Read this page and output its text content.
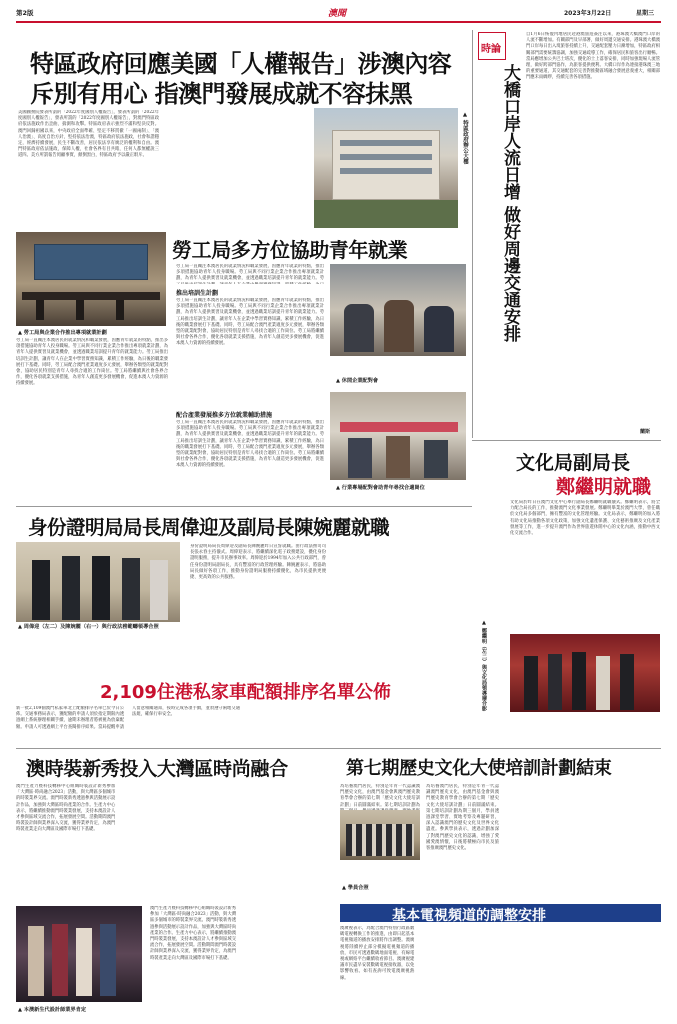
第2版	澳聞	2023年3月22日	星期三
特區政府回應美國「人權報告」涉澳內容
斥別有用心 指澳門發展成就不容抹黑
美國國務院發表所謂的「2022年度國別人權報告」，發表所謂的「2022年度國別人權報告」，發表所謂的「2022年度國別人權報告」，對澳門特區政府依法施政作出歪曲、揣測和攻擊。特區政府表示強烈不滿和堅決反對。澳門回歸祖國以來，中央政府全面準確、堅定不移貫徹「一國兩制」、「澳人治澳」、高度自治方針，堅持依法治澳，特區政府依法施政，社會和諧穩定，經濟持續發展，民生不斷改善，居民依法享有廣泛的權利和自由。澳門特區政府依法施政，保障人權，社會各界有目共睹，任何人都無權說三道四。美方所謂報告罔顧事實，顛倒黑白，特區政府予以嚴正駁斥。	▲ 特區政府辦公大樓
時論
大橋口岸人流日增 做好周邊交通安排
自1月6日恢復內地居民赴港澳旅遊簽注以來，港珠澳大橋澳門口岸的人流不斷增加。有關部門及早部署，做好周邊交通安排。港珠澳大橋澳門口岸每日出入境旅客持續上升，交通配套壓力日漸增加，特區政府相關部門需要統籌協調，加強交通疏導工作，確保居民和旅客出行順暢。當局應增加公共巴士班次，優化的士上落客安排，同時加強現場人流管理，做好跨部門協作，為旅客提供便利。大橋口岸作為連接港珠澳三地的重要通道，其交通配套的完善對推動區域融合發展意義重大，相關部門應未雨綢繆，持續完善各項措施。
蘭斯
勞工局多方位協助青年就業
▲ 勞工局與企業合作推出專項就業計劃
勞工局一直關注本澳居民的就業情況和職業發展，因應青年就業的特點，推出多項措施協助青年人投身職場。勞工局與不同行業企業合作推出專項就業計劃，為青年人提供實習及就業機會，並透過職業培訓提升青年的就業能力。勞工局推出培訓生計劃，讓青年人在企業中學習實務知識，累積工作經驗，為日後的職業發展打下基礎。同時，勞工局配合澳門產業適度多元發展，舉辦各類型的就業配對會，協助居民特別是青年人尋找合適的工作崗位。勞工局將繼續與社會各界合作，優化各項就業支援措施，為青年人創造更多發展機會，促進本澳人力資源的持續發展。
勞工局一直關注本澳居民的就業情況和職業發展，因應青年就業的特點，推出多項措施協助青年人投身職場。勞工局與不同行業企業合作推出專項就業計劃，為青年人提供實習及就業機會，並透過職業培訓提升青年的就業能力。勞
推出培訓生計劃
勞工局一直關注本澳居民的就業情況和職業發展，因應青年就業的特點，推出多項措施協助青年人投身職場。勞工局與不同行業企業合作推出專項就業計劃，為青年人提供實習及就業機會，並透過職業培訓提升青年的就業能力。勞工局推出培訓生計劃，讓青年人在企業中學習實務知識，累積工作經驗，為日後的職業發展打下基礎。同時，勞工局配合澳門產業適度多元發展，舉辦各類型的就業配對會，協助居民特別是青年人尋找合適的工作崗位。勞工局將繼續與社會各界合作，優化各項就業支援措施，為青年人創造更多發展機會，促進本澳人力資源的持續發展。
配合產業發展推多方位就業輔助措施
勞工局一直關注本澳居民的就業情況和職業發展，因應青年就業的特點，推出多項措施協助青年人投身職場。勞工局與不同行業企業合作推出專項就業計劃，為青年人提供實習及就業機會，並透過職業培訓提升青年的就業能力。勞工局推出培訓生計劃，讓青年人在企業中學習實務知識，累積工作經驗，為日後的職業發展打下基礎。同時，勞工局配合澳門產業適度多元發展，舉辦各類型的就業配對會，協助居民特別是青年人尋找合適的工作崗位。勞工局將繼續與社會各界合作，優化各項就業支援措施，為青年人創造更多發展機會，促進本澳人力資源的持續發展。
▲ 休閒企業配對會
▲ 行業專場配對會助青年尋找合適崗位
文化局副局長
鄭繼明就職
文化局於昨日在澳門文化中心舉行副局長鄭繼明就職儀式。鄭繼明表示，將全力配合局長的工作，推動澳門文化事業發展。鄭繼明畢業於澳門大學，曾任職於文化局多個部門，擁有豐富的文化管理經驗。文化局表示，鄭繼明的加入將有助文化局推動各項文化政策，加強文化遺產保護、文化藝術推廣及文化產業發展等工作，進一步提升澳門作為世界旅遊休閒中心的文化內涵，推動中西文化交流合作。
▲ 鄭繼明（左二）與文化局領導層合影
身份證明局局長周偉迎及副局長陳婉麗就職
▲ 周偉迎（左二）及陳婉麗（右一）與行政法務範疇領導合照
身份證明局局長周偉迎及副局長陳婉麗昨日宣誓就職。由行政法務司司長張永春主持儀式。周偉迎表示，將繼續深化電子政務建設，優化身份證明服務，提升市民辦事效率。周偉迎於1994年加入公共行政部門，曾任身份證明局副局長，具有豐富的行政管理經驗。陳婉麗表示，將協助局長做好各項工作，推動身份證明局服務持續優化，為市民提供更便捷、更高效的公共服務。
2,109住港私家車配額排序名單公佈
新一批2,109個澳門私家車北上配額排序名單已於今日公佈。交通事務局表示，獲配額的申請人須於指定期限內透過網上系統辦理相關手續，逾期未辦理者將被視為放棄配額。申請人可透過網上平台查閱排序結果。當局提醒申請人留意相關通知，按時完成各項手續，並須遵守兩地交通法規，確保行車安全。
澳時裝新秀投入大灣區時尚融合
澳門生產力暨科技轉移中心組織時裝設計新秀參加「大灣區·時尚融合2023」活動，與大灣區多個城市的時裝業界交流。澳門時裝新秀透過參與活動展示設計作品，加強與大灣區時尚產業的合作。生產力中心表示，將繼續推動澳門時裝業發展，支持本澳設計人才參與區域交流合作，拓展發展空間。活動期間澳門時裝設計師與業界深入交流，獲得業界肯定，為澳門時裝產業走向大灣區及國際市場打下基礎。
▲ 本澳新生代設計師業界肯定
澳門生產力暨科技轉移中心組織時裝設計新秀參加「大灣區·時尚融合2023」活動，與大灣區多個城市的時裝業界交流。澳門時裝新秀透過參與活動展示設計作品，加強與大灣區時尚產業的合作。生產力中心表示，將繼續推動澳門時裝業發展，支持本澳設計人才參與區域交流合作，拓展發展空間。活動期間澳門時裝設計師與業界深入交流，獲得業界肯定，為澳門時裝產業走向大灣區及國際市場打下基礎。
第七期歷史文化大使培訓計劃結束
為培養澳門居民，特別是年青一代認識澳門歷史文化，由澳門基金會與澳門歷史教育學會合辦的第七期「歷史文化大使培訓計劃」日前圓滿結束。第七期培訓計劃為
▲ 學員合照
為培養澳門居民，特別是年青一代認識澳門歷史文化，由澳門基金會與澳門歷史教育學會合辦的第七期「歷史文化大使培訓計劃」日前圓滿結束。第七期培訓計劃為期三個月，學員透過課堂學習、實地考察及專題研習，深入認識澳門的歷史文化及世界文化遺產。參與學員表示，透過計劃加深了對澳門歷史文化的認識，增強了愛國愛澳情懷，日後將積極向市民及旅客推廣澳門歷史文化。
基本電視頻道的調整安排
澳廣視表示，為配合澳門特別行政區數碼電視轉換工作的推進，由即日起基本電視頻道的播放安排將作出調整。澳廣視將陸續停止部分模擬電視頻道的播放，市民可透過數碼地面電視、有線電視或網絡平台繼續收看節目。澳廣視建議市民盡早安裝數碼電視接收器，以免影響收看。如有查詢可致電澳廣視熱線。
